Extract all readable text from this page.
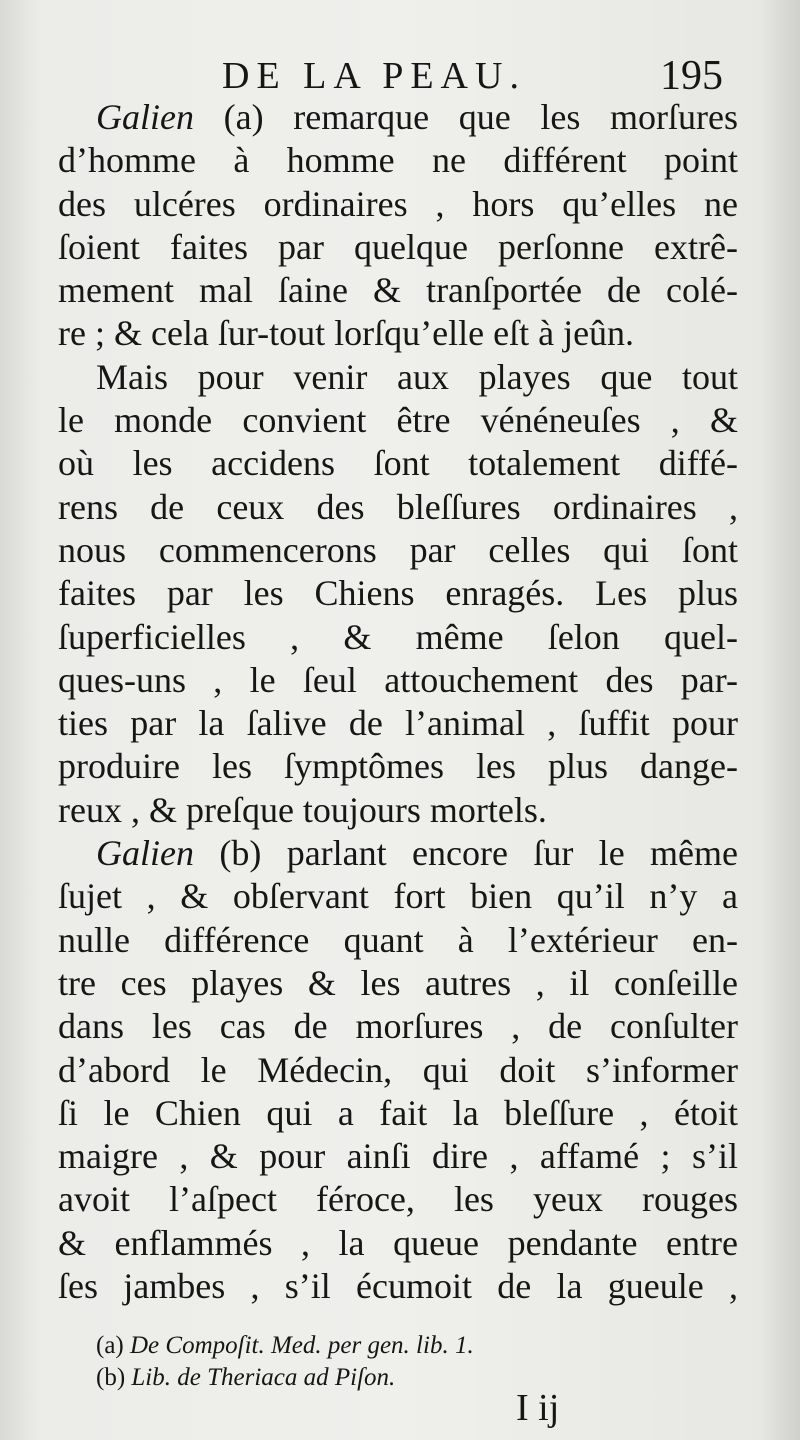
DE LA PEAU.	195
Galien (a) remarque que les morſures
d’homme à homme ne différent point
des ulcéres ordinaires , hors qu’elles ne
ſoient faites par quelque perſonne extrê-
mement mal ſaine & tranſportée de colé-
re ; & cela ſur-tout lorſqu’elle eſt à jeûn.
Mais pour venir aux playes que tout
le monde convient être vénéneuſes , &
où les accidens ſont totalement diffé-
rens de ceux des bleſſures ordinaires ,
nous commencerons par celles qui ſont
faites par les Chiens enragés. Les plus
ſuperficielles , & même ſelon quel-
ques-uns , le ſeul attouchement des par-
ties par la ſalive de l’animal , ſuffit pour
produire les ſymptômes les plus dange-
reux , & preſque toujours mortels.
Galien (b) parlant encore ſur le même
ſujet , & obſervant fort bien qu’il n’y a
nulle différence quant à l’extérieur en-
tre ces playes & les autres , il conſeille
dans les cas de morſures , de conſulter
d’abord le Médecin, qui doit s’informer
ſi le Chien qui a fait la bleſſure , étoit
maigre , & pour ainſi dire , affamé ; s’il
avoit l’aſpect féroce, les yeux rouges
& enflammés , la queue pendante entre
ſes jambes , s’il écumoit de la gueule ,
(a) De Compoſit. Med. per gen. lib. 1.
(b) Lib. de Theriaca ad Piſon.
I ij
